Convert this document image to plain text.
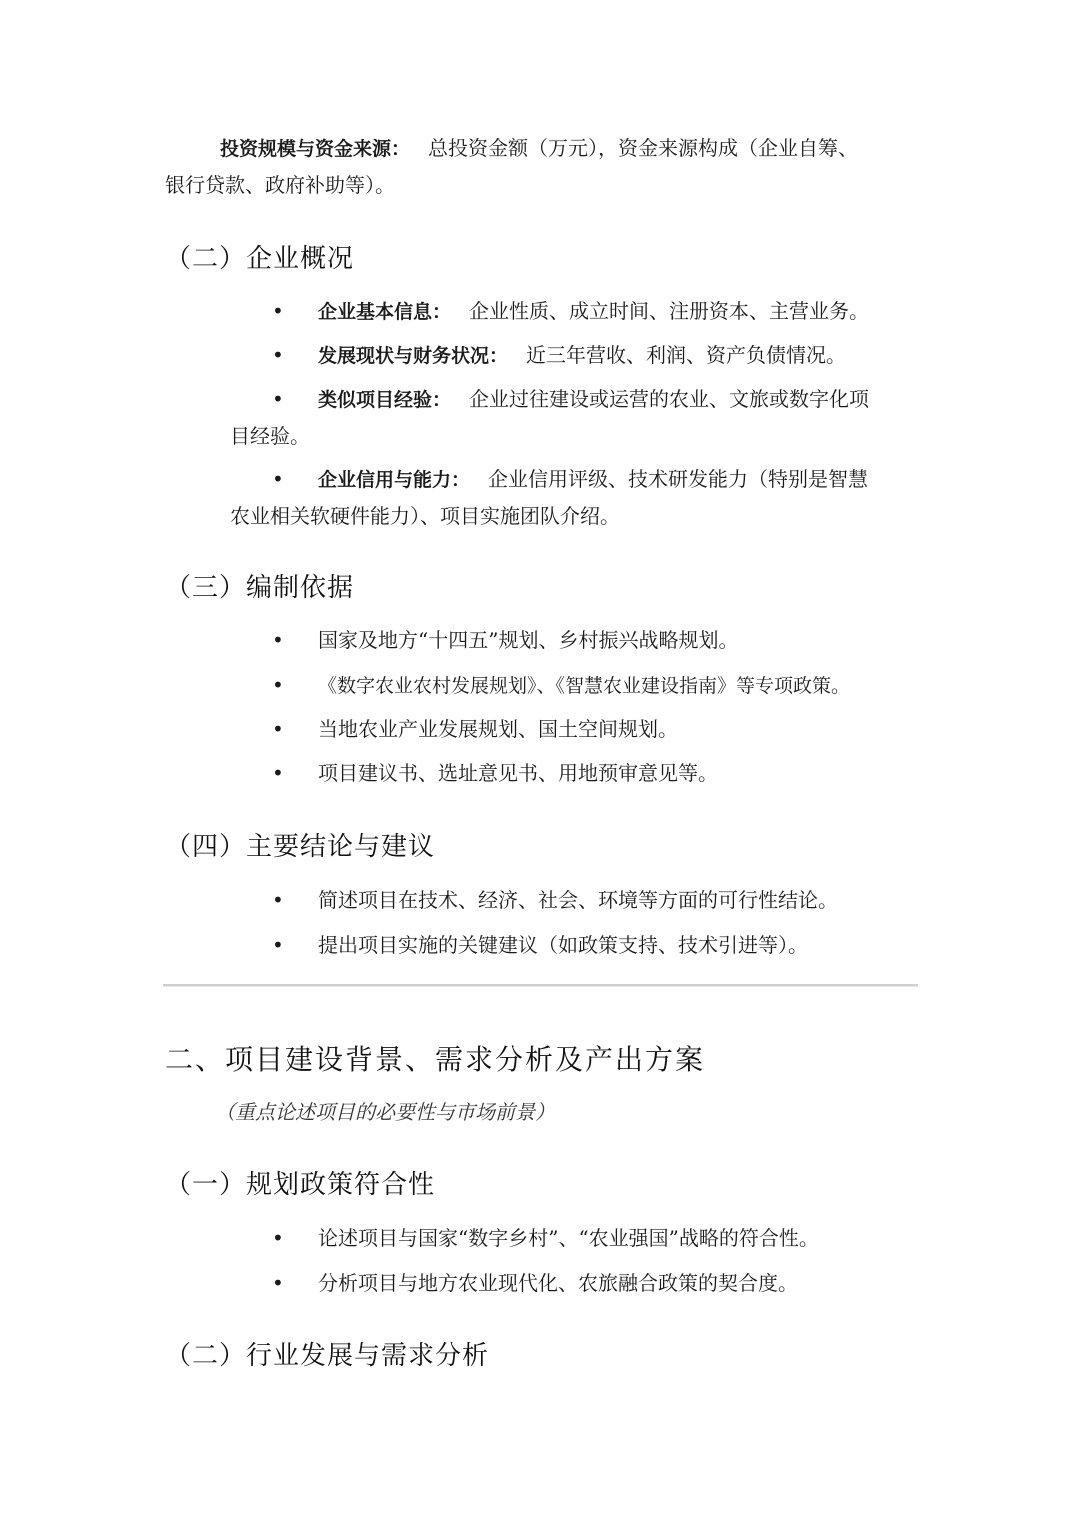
投资规模与资金来源： 总投资金额（万元），资金来源构成（企业自筹、
银行贷款、政府补助等）。
（二）企业概况
• 企业基本信息： 企业性质、成立时间、注册资本、主营业务。
• 发展现状与财务状况： 近三年营收、利润、资产负债情况。
• 类似项目经验： 企业过往建设或运营的农业、文旅或数字化项
目经验。
• 企业信用与能力： 企业信用评级、技术研发能力（特别是智慧
农业相关软硬件能力）、项目实施团队介绍。
（三）编制依据
• 国家及地方“十四五”规划、乡村振兴战略规划。
• 《数字农业农村发展规划》、《智慧农业建设指南》等专项政策。
• 当地农业产业发展规划、国土空间规划。
• 项目建议书、选址意见书、用地预审意见等。
（四）主要结论与建议
• 简述项目在技术、经济、社会、环境等方面的可行性结论。
• 提出项目实施的关键建议（如政策支持、技术引进等）。
二、项目建设背景、需求分析及产出方案
（重点论述项目的必要性与市场前景）
（一）规划政策符合性
• 论述项目与国家“数字乡村”、“农业强国”战略的符合性。
• 分析项目与地方农业现代化、农旅融合政策的契合度。
（二）行业发展与需求分析
